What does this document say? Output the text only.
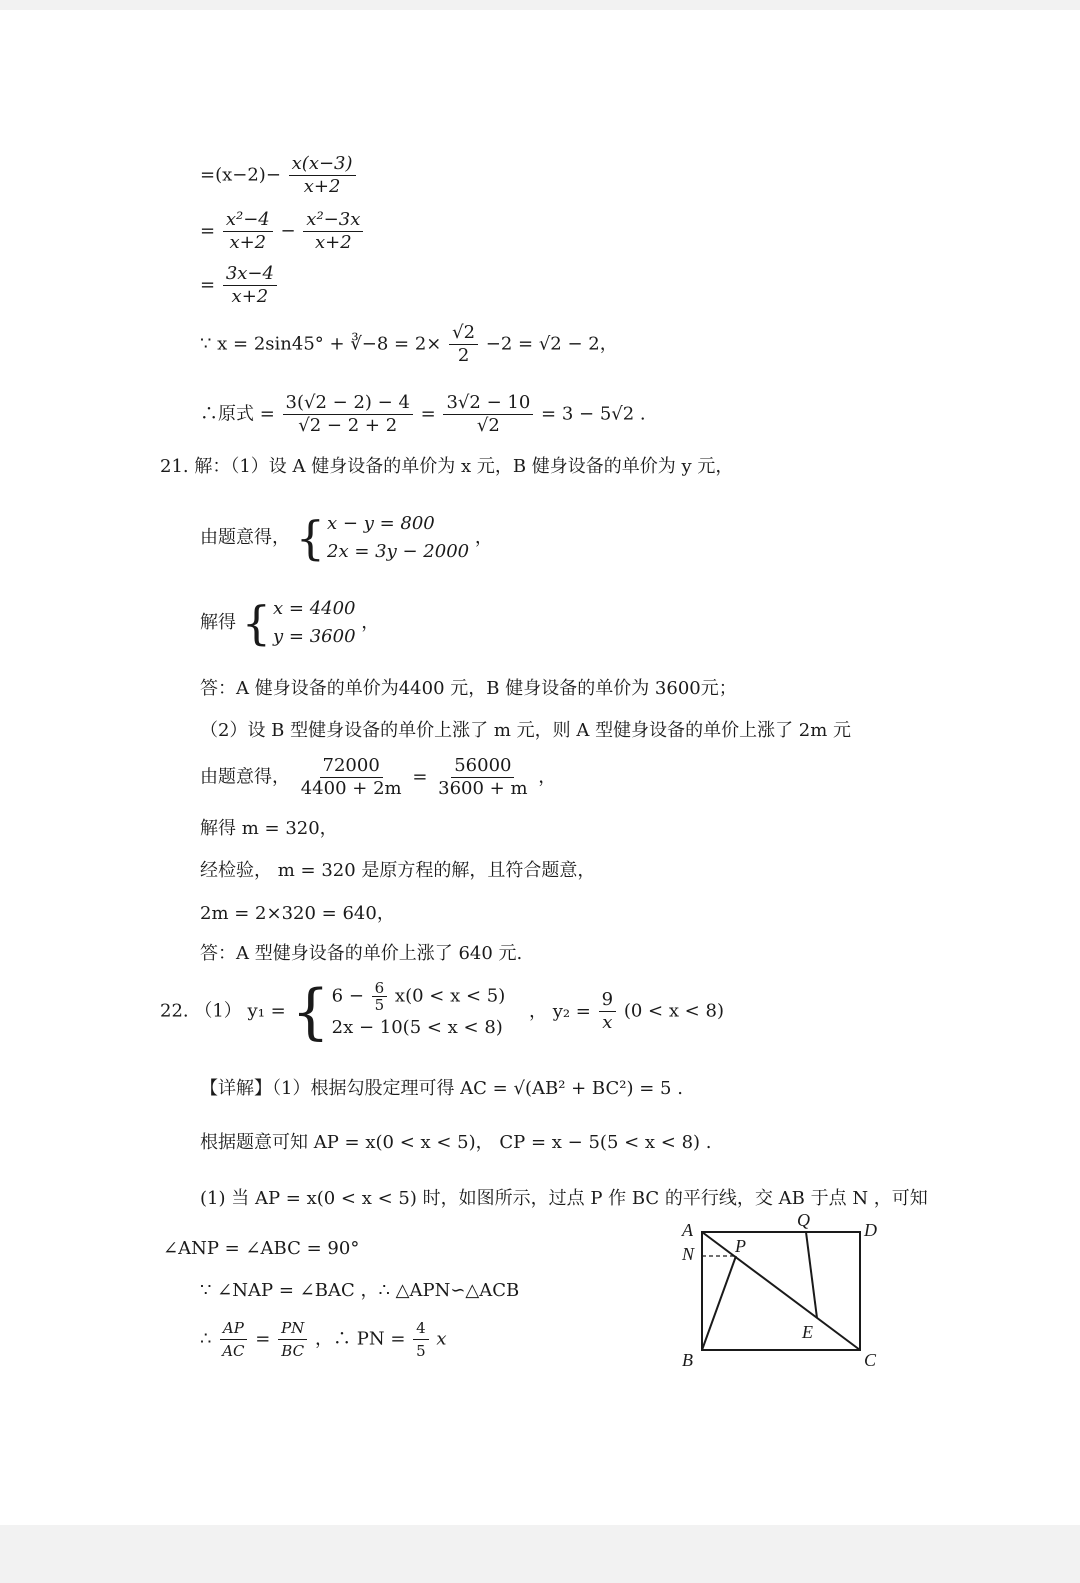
$=(x-2)- \frac{x(x-3)}{x+2}$
= $\frac{\text{x²−4}}{x+2} - \frac{\text{x²−3x}}{x+2}$
= $\frac{3x-4}{x+2}$
∵ x = 2sin45° + ∛−8 = $2\times \frac{√2}{2} -2 = √2 - 2$，
∴原式 = $\frac{3(√2 - 2) - 4}{√2 - 2 + 2} = \frac{3√2 - 10}{√2} = 3 - 5√2$ .
21. 解：（1）设 A 健身设备的单价为 x 元，B 健身设备的单价为 y 元，
由题意得， { x − y = 800
2x = 3y − 2000
，
解得 { x = 4400
y = 3600
，
答：A 健身设备的单价为4400 元，B 健身设备的单价为 3600元；
（2）设 B 型健身设备的单价上涨了 m 元，则 A 型健身设备的单价上涨了 2m 元
由题意得， $\frac{72000}{4400 + 2m} = \frac{56000}{3600 + m}$ ，
解得 m = 320，
经检验， m = 320 是原方程的解，且符合题意，
2m = 2×320 = 640，
答：A 型健身设备的单价上涨了 640 元.
22. （1） y₁ = { $6 - \frac{6}{5} x(0 < x < 5)$
2x − 10(5 < x < 8)
， $y_2 = \frac{9}{x} (0 < x < 8)$
【详解】（1）根据勾股定理可得 AC = √(AB² + BC²) = 5 .
根据题意可知 AP = x(0 < x < 5)， CP = x − 5(5 < x < 8) .
(1) 当 AP = x(0 < x < 5) 时，如图所示，过点 P 作 BC 的平行线，交 AB 于点 N ，可知
∠ANP = ∠ABC = 90°
∵ ∠NAP = ∠BAC ，∴ △APN∽△ACB
∴ $\frac{AP}{AC} = \frac{PN}{BC}$ ，∴ PN = $\frac{4}{5}$ x
A
N P
Q	D
E
B	C
